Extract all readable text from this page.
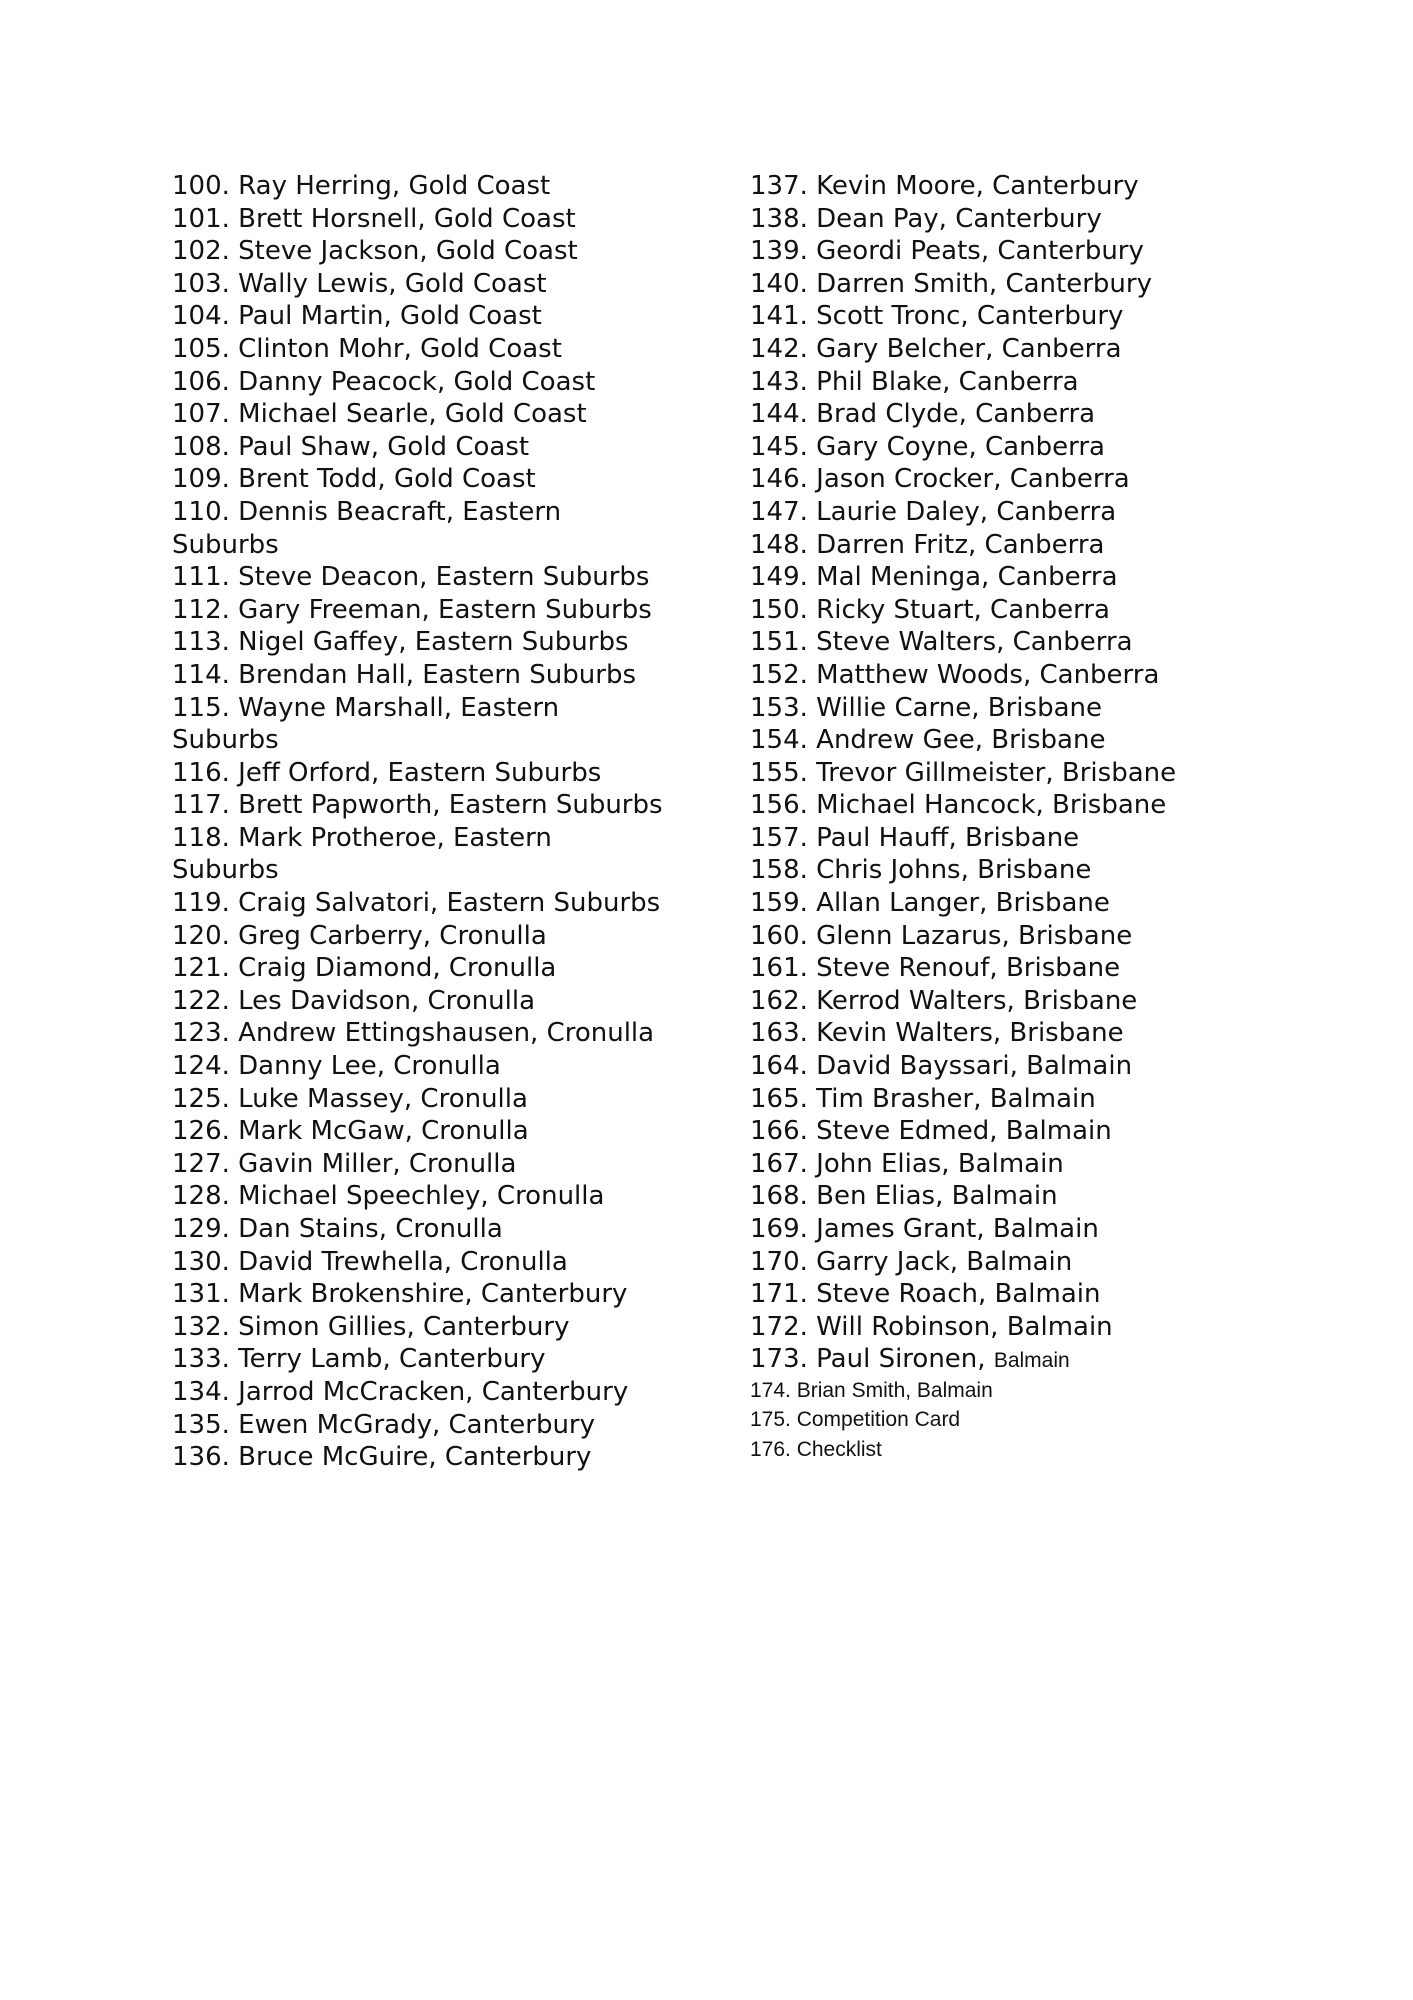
100. Ray Herring, Gold Coast
101. Brett Horsnell, Gold Coast
102. Steve Jackson, Gold Coast
103. Wally Lewis, Gold Coast
104. Paul Martin, Gold Coast
105. Clinton Mohr, Gold Coast
106. Danny Peacock, Gold Coast
107. Michael Searle, Gold Coast
108. Paul Shaw, Gold Coast
109. Brent Todd, Gold Coast
110. Dennis Beacraft, Eastern
Suburbs
111. Steve Deacon, Eastern Suburbs
112. Gary Freeman, Eastern Suburbs
113. Nigel Gaffey, Eastern Suburbs
114. Brendan Hall, Eastern Suburbs
115. Wayne Marshall, Eastern
Suburbs
116. Jeff Orford, Eastern Suburbs
117. Brett Papworth, Eastern Suburbs
118. Mark Protheroe, Eastern
Suburbs
119. Craig Salvatori, Eastern Suburbs
120. Greg Carberry, Cronulla
121. Craig Diamond, Cronulla
122. Les Davidson, Cronulla
123. Andrew Ettingshausen, Cronulla
124. Danny Lee, Cronulla
125. Luke Massey, Cronulla
126. Mark McGaw, Cronulla
127. Gavin Miller, Cronulla
128. Michael Speechley, Cronulla
129. Dan Stains, Cronulla
130. David Trewhella, Cronulla
131. Mark Brokenshire, Canterbury
132. Simon Gillies, Canterbury
133. Terry Lamb, Canterbury
134. Jarrod McCracken, Canterbury
135. Ewen McGrady, Canterbury
136. Bruce McGuire, Canterbury
137. Kevin Moore, Canterbury
138. Dean Pay, Canterbury
139. Geordi Peats, Canterbury
140. Darren Smith, Canterbury
141. Scott Tronc, Canterbury
142. Gary Belcher, Canberra
143. Phil Blake, Canberra
144. Brad Clyde, Canberra
145. Gary Coyne, Canberra
146. Jason Crocker, Canberra
147. Laurie Daley, Canberra
148. Darren Fritz, Canberra
149. Mal Meninga, Canberra
150. Ricky Stuart, Canberra
151. Steve Walters, Canberra
152. Matthew Woods, Canberra
153. Willie Carne, Brisbane
154. Andrew Gee, Brisbane
155. Trevor Gillmeister, Brisbane
156. Michael Hancock, Brisbane
157. Paul Hauff, Brisbane
158. Chris Johns, Brisbane
159. Allan Langer, Brisbane
160. Glenn Lazarus, Brisbane
161. Steve Renouf, Brisbane
162. Kerrod Walters, Brisbane
163. Kevin Walters, Brisbane
164. David Bayssari, Balmain
165. Tim Brasher, Balmain
166. Steve Edmed, Balmain
167. John Elias, Balmain
168. Ben Elias, Balmain
169. James Grant, Balmain
170. Garry Jack, Balmain
171. Steve Roach, Balmain
172. Will Robinson, Balmain
173. Paul Sironen, Balmain
174. Brian Smith, Balmain
175. Competition Card
176. Checklist
